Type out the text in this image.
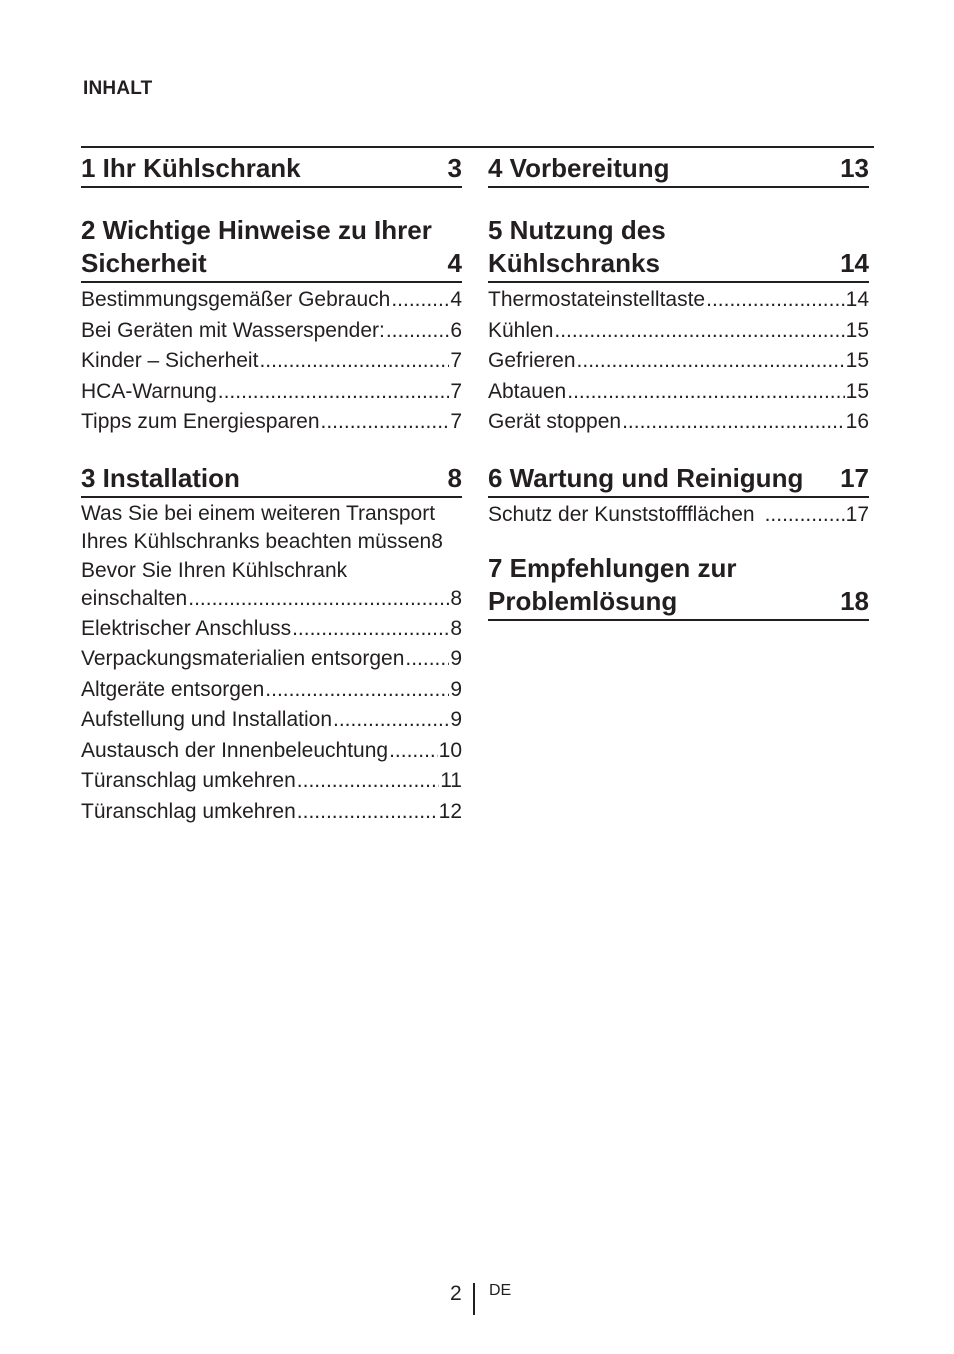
INHALT
1 Ihr Kühlschrank	3
2 Wichtige Hinweise zu Ihrer Sicherheit	4
Bestimmungsgemäßer Gebrauch .....	4
Bei Geräten mit Wasserspender: .....	6
Kinder – Sicherheit .....	7
HCA-Warnung .....	7
Tipps zum Energiesparen .....	7
3 Installation	8
Was Sie bei einem weiteren Transport
Ihres Kühlschranks beachten müssen 8
Bevor Sie Ihren Kühlschrank
einschalten .....	8
Elektrischer Anschluss .....	8
Verpackungsmaterialien entsorgen ..... 9
Altgeräte entsorgen .....	9
Aufstellung und Installation .....	9
Austausch der Innenbeleuchtung ..... 10
Türanschlag umkehren .....	11
Türanschlag umkehren .....	12
4 Vorbereitung	13
5 Nutzung des Kühlschranks	14
Thermostateinstelltaste .....	14
Kühlen .....	15
Gefrieren .....	15
Abtauen .....	15
Gerät stoppen .....	16
6 Wartung und Reinigung	17
Schutz der Kunststoffflächen .....	17
7 Empfehlungen zur Problemlösung	18
2 DE
